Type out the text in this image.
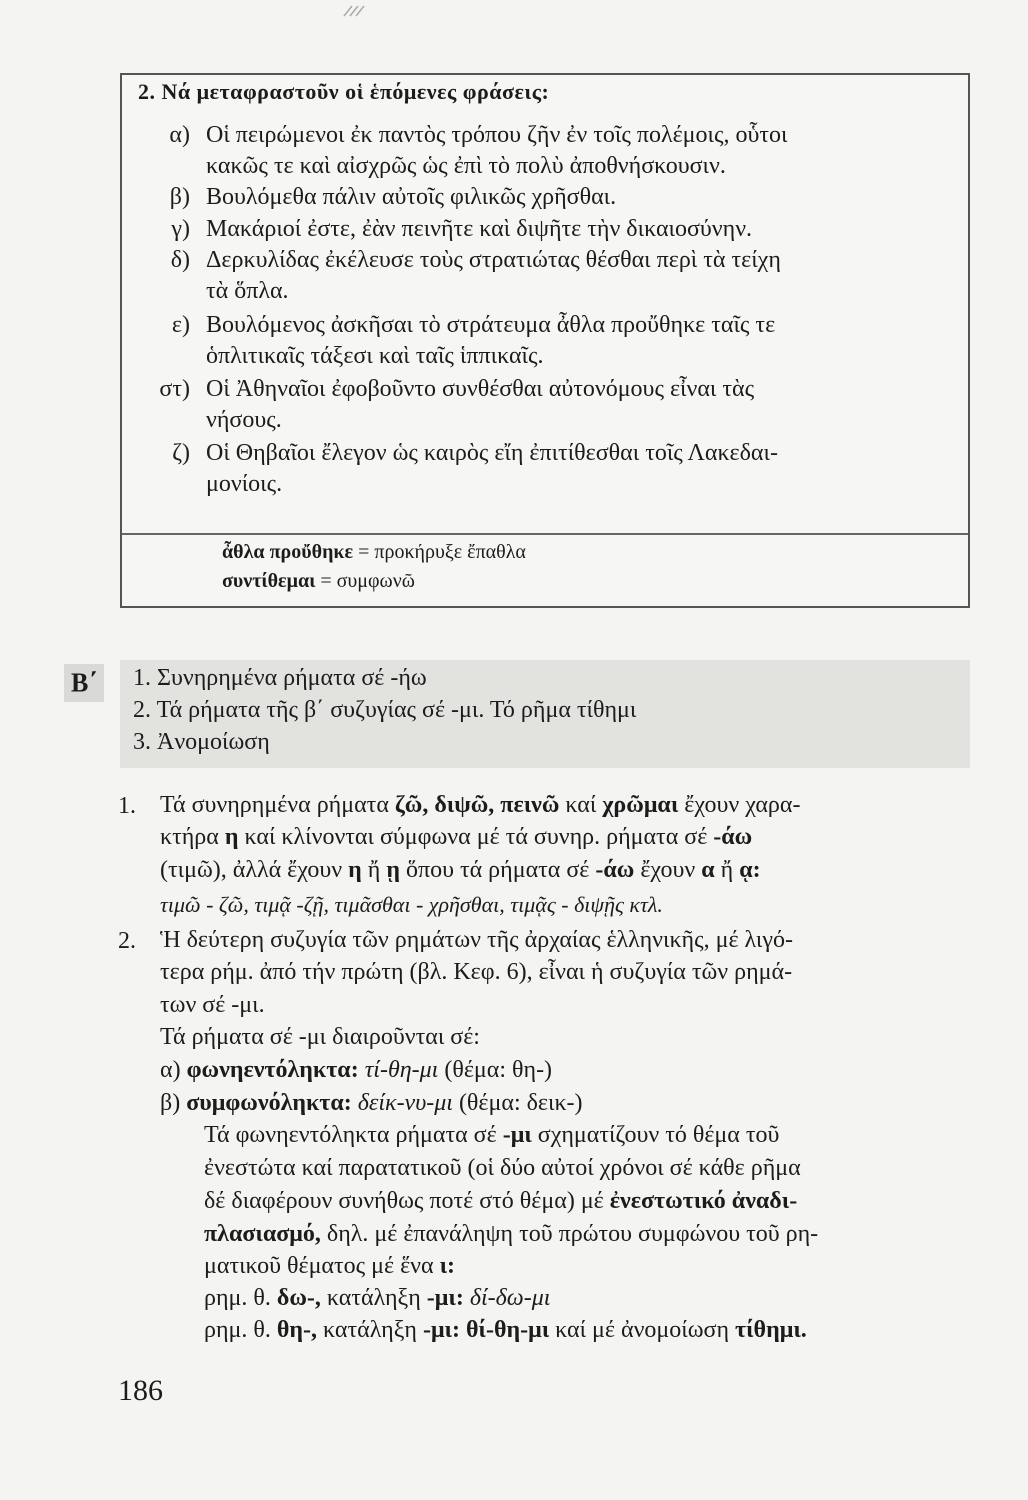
2. Νά μεταφραστοῦν οἱ ἑπόμενες φράσεις:
α) Οἱ πειρώμενοι ἐκ παντὸς τρόπου ζῆν ἐν τοῖς πολέμοις, οὗτοι
κακῶς τε καὶ αἰσχρῶς ὡς ἐπὶ τὸ πολὺ ἀποθνήσκουσιν.
β) Βουλόμεθα πάλιν αὐτοῖς φιλικῶς χρῆσθαι.
γ) Μακάριοί ἐστε, ἐὰν πεινῆτε καὶ διψῆτε τὴν δικαιοσύνην.
δ) Δερκυλίδας ἐκέλευσε τοὺς στρατιώτας θέσθαι περὶ τὰ τείχη
τὰ ὅπλα.
ε) Βουλόμενος ἀσκῆσαι τὸ στράτευμα ἆθλα προὔθηκε ταῖς τε
ὁπλιτικαῖς τάξεσι καὶ ταῖς ἱππικαῖς.
στ) Οἱ Ἀθηναῖοι ἐφοβοῦντο συνθέσθαι αὐτονόμους εἶναι τὰς
νήσους.
ζ) Οἱ Θηβαῖοι ἔλεγον ὡς καιρὸς εἴη ἐπιτίθεσθαι τοῖς Λακεδαι-
μονίοις.
ἆθλα προὔθηκε = προκήρυξε ἔπαθλα
συντίθεμαι = συμφωνῶ
Β΄ 1. Συνηρημένα ρήματα σέ -ήω
2. Τά ρήματα τῆς β΄ συζυγίας σέ -μι. Τό ρῆμα τίθημι
3. Ἀνομοίωση
1. Τά συνηρημένα ρήματα ζῶ, διψῶ, πεινῶ καί χρῶμαι ἔχουν χαρα-
κτήρα η καί κλίνονται σύμφωνα μέ τά συνηρ. ρήματα σέ -άω
(τιμῶ), ἀλλά ἔχουν η ἤ ῃ ὅπου τά ρήματα σέ -άω ἔχουν α ἤ ᾳ:
τιμῶ - ζῶ, τιμᾷ -ζῇ, τιμᾶσθαι - χρῆσθαι, τιμᾷς - διψῇς κτλ.
2. Ἡ δεύτερη συζυγία τῶν ρημάτων τῆς ἀρχαίας ἑλληνικῆς, μέ λιγό-
τερα ρήμ. ἀπό τήν πρώτη (βλ. Κεφ. 6), εἶναι ἡ συζυγία τῶν ρημά-
των σέ -μι.
Τά ρήματα σέ -μι διαιροῦνται σέ:
α) φωνηεντόληκτα: τί-θη-μι (θέμα: θη-)
β) συμφωνόληκτα: δείκ-νυ-μι (θέμα: δεικ-)
Τά φωνηεντόληκτα ρήματα σέ -μι σχηματίζουν τό θέμα τοῦ
ἐνεστώτα καί παρατατικοῦ (οἱ δύο αὐτοί χρόνοι σέ κάθε ρῆμα
δέ διαφέρουν συνήθως ποτέ στό θέμα) μέ ἐνεστωτικό ἀναδι-
πλασιασμό, δηλ. μέ ἐπανάληψη τοῦ πρώτου συμφώνου τοῦ ρη-
ματικοῦ θέματος μέ ἕνα ι:
ρημ. θ. δω-, κατάληξη -μι: δί-δω-μι
ρημ. θ. θη-, κατάληξη -μι: θί-θη-μι καί μέ ἀνομοίωση τίθημι.
186
